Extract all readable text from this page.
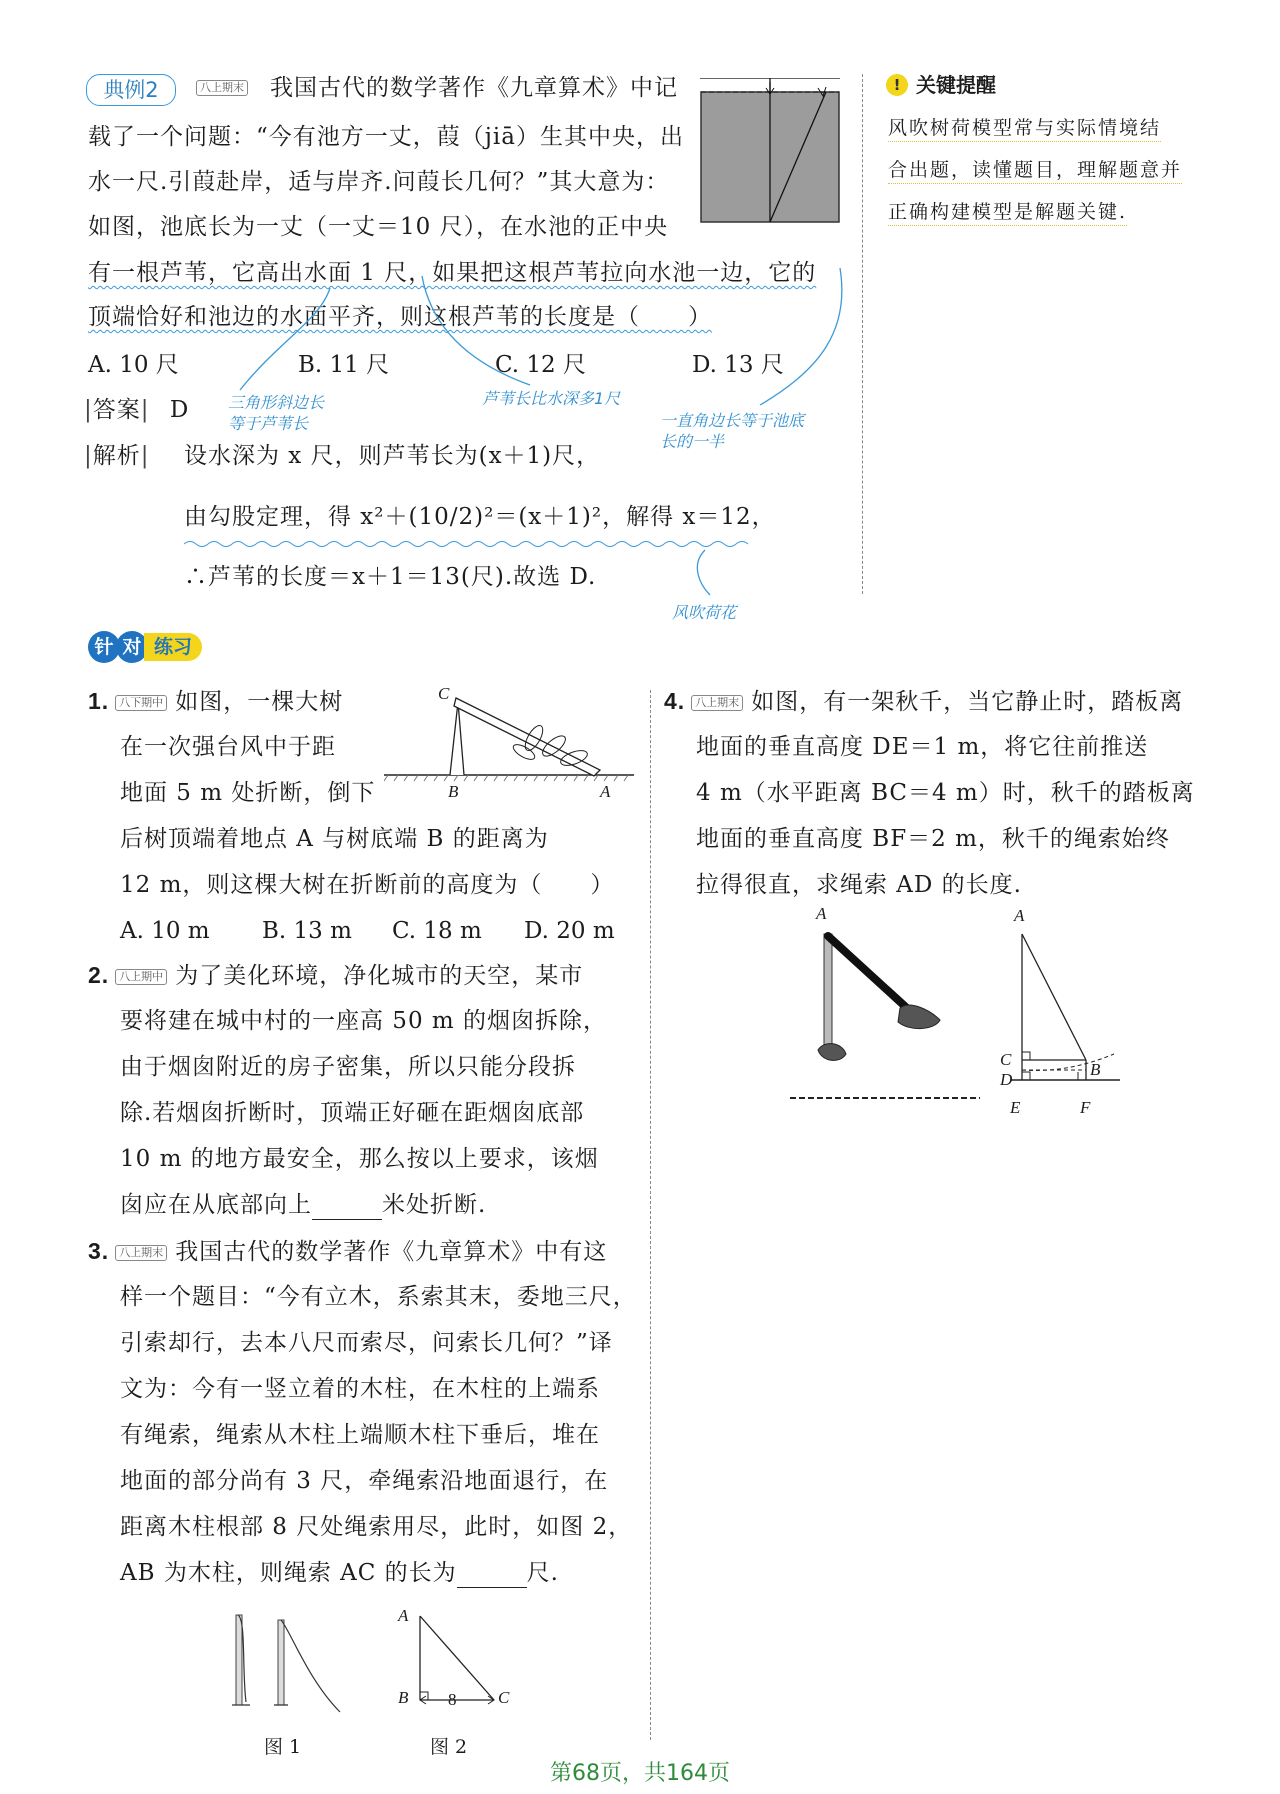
典例2	八上期末 我国古代的数学著作《九章算术》中记
载了一个问题：“今有池方一丈，葭（jiā）生其中央，出
水一尺.引葭赴岸，适与岸齐.问葭长几何？”其大意为：
如图，池底长为一丈（一丈＝10 尺），在水池的正中央
有一根芦苇，它高出水面 1 尺，如果把这根芦苇拉向水池一边，它的
顶端恰好和池边的水面平齐，则这根芦苇的长度是（　　）
A. 10 尺	B. 11 尺	C. 12 尺	D. 13 尺
|答案| D
|解析| 设水深为 x 尺，则芦苇长为(x＋1)尺，
由勾股定理，得 x²＋(10/2)²＝(x＋1)²，解得 x＝12，
∴芦苇的长度＝x＋1＝13(尺).故选 D.
三角形斜边长
等于芦苇长
芦苇长比水深多1尺
一直角边长等于池底
长的一半
风吹荷花
! 关键提醒
风吹树荷模型常与实际情境结
合出题，读懂题目，理解题意并
正确构建模型是解题关键.
针 对 练习
1. 八下期中 如图，一棵大树
在一次强台风中于距
地面 5 m 处折断，倒下
后树顶端着地点 A 与树底端 B 的距离为
12 m，则这棵大树在折断前的高度为（　　）
A. 10 m B. 13 m C. 18 m D. 20 m
C
B	A
2. 八上期中 为了美化环境，净化城市的天空，某市
要将建在城中村的一座高 50 m 的烟囱拆除，
由于烟囱附近的房子密集，所以只能分段拆
除.若烟囱折断时，顶端正好砸在距烟囱底部
10 m 的地方最安全，那么按以上要求，该烟
囱应在从底部向上	米处折断.
3. 八上期末 我国古代的数学著作《九章算术》中有这
样一个题目：“今有立木，系索其末，委地三尺，
引索却行，去本八尺而索尽，问索长几何？”译
文为：今有一竖立着的木柱，在木柱的上端系
有绳索，绳索从木柱上端顺木柱下垂后，堆在
地面的部分尚有 3 尺，牵绳索沿地面退行，在
距离木柱根部 8 尺处绳索用尽，此时，如图 2，
AB 为木柱，则绳索 AC 的长为	尺.
A
B	C
8
图 1	图 2
4. 八上期末 如图，有一架秋千，当它静止时，踏板离
地面的垂直高度 DE＝1 m，将它往前推送
4 m（水平距离 BC＝4 m）时，秋千的踏板离
地面的垂直高度 BF＝2 m，秋千的绳索始终
拉得很直，求绳索 AD 的长度.
A	A
C
D
B
E	F
第68页，共164页
